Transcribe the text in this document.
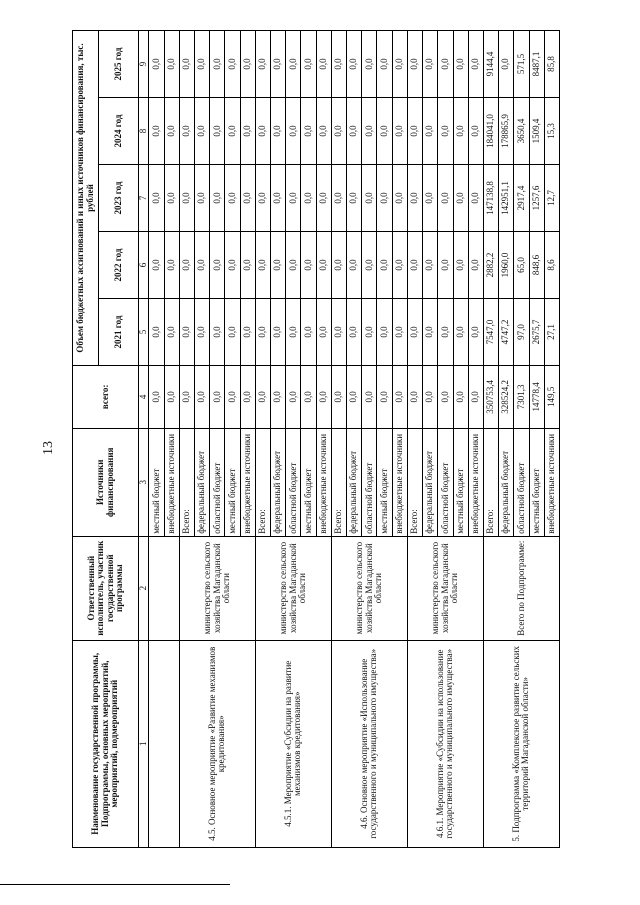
13
Наименование государственной программы, Подпрограммы, основных мероприятий, мероприятий, подмероприятий	Ответственный исполнитель, участник государственной программы	Источники финансирования	всего:	Объем бюджетных ассигнований и иных источников финансирования, тыс. рублей				
				2021 год	2022 год	2023 год	2024 год	2025 год
1	2	3	4	5	6	7	8	9
		местный бюджет	0,0	0,0	0,0	0,0	0,0	0,0
		внебюджетные источники	0,0	0,0	0,0	0,0	0,0	0,0
4.5. Основное мероприятие «Развитие механизмов кредитования»	министерство сельского хозяйства Магаданской области	Всего:	0,0	0,0	0,0	0,0	0,0	0,0
		федеральный бюджет	0,0	0,0	0,0	0,0	0,0	0,0
		областной бюджет	0,0	0,0	0,0	0,0	0,0	0,0
		местный бюджет	0,0	0,0	0,0	0,0	0,0	0,0
		внебюджетные источники	0,0	0,0	0,0	0,0	0,0	0,0
4.5.1. Мероприятие «Субсидии на развитие механизмов кредитования»	министерство сельского хозяйства Магаданской области	Всего:	0,0	0,0	0,0	0,0	0,0	0,0
		федеральный бюджет	0,0	0,0	0,0	0,0	0,0	0,0
		областной бюджет	0,0	0,0	0,0	0,0	0,0	0,0
		местный бюджет	0,0	0,0	0,0	0,0	0,0	0,0
		внебюджетные источники	0,0	0,0	0,0	0,0	0,0	0,0
4.6. Основное мероприятие «Использование государственного и муниципального имущества»	министерство сельского хозяйства Магаданской области	Всего:	0,0	0,0	0,0	0,0	0,0	0,0
		федеральный бюджет	0,0	0,0	0,0	0,0	0,0	0,0
		областной бюджет	0,0	0,0	0,0	0,0	0,0	0,0
		местный бюджет	0,0	0,0	0,0	0,0	0,0	0,0
		внебюджетные источники	0,0	0,0	0,0	0,0	0,0	0,0
4.6.1. Мероприятие «Субсидии на использование государственного и муниципального имущества»	министерство сельского хозяйства Магаданской области	Всего:	0,0	0,0	0,0	0,0	0,0	0,0
		федеральный бюджет	0,0	0,0	0,0	0,0	0,0	0,0
		областной бюджет	0,0	0,0	0,0	0,0	0,0	0,0
		местный бюджет	0,0	0,0	0,0	0,0	0,0	0,0
		внебюджетные источники	0,0	0,0	0,0	0,0	0,0	0,0
5. Подпрограмма «Комплексное развитие сельских территорий Магаданской области»	Всего по Подпрограмме:	Всего:	350753,4	7547,0	2882,2	147138,8	184041,0	9144,4
		федеральный бюджет	328524,2	4747,2	1960,0	142951,1	178865,9	0,0
		областной бюджет	7301,3	97,0	65,0	2917,4	3650,4	571,5
		местный бюджет	14778,4	2675,7	848,6	1257,6	1509,4	8487,1
		внебюджетные источники	149,5	27,1	8,6	12,7	15,3	85,8
